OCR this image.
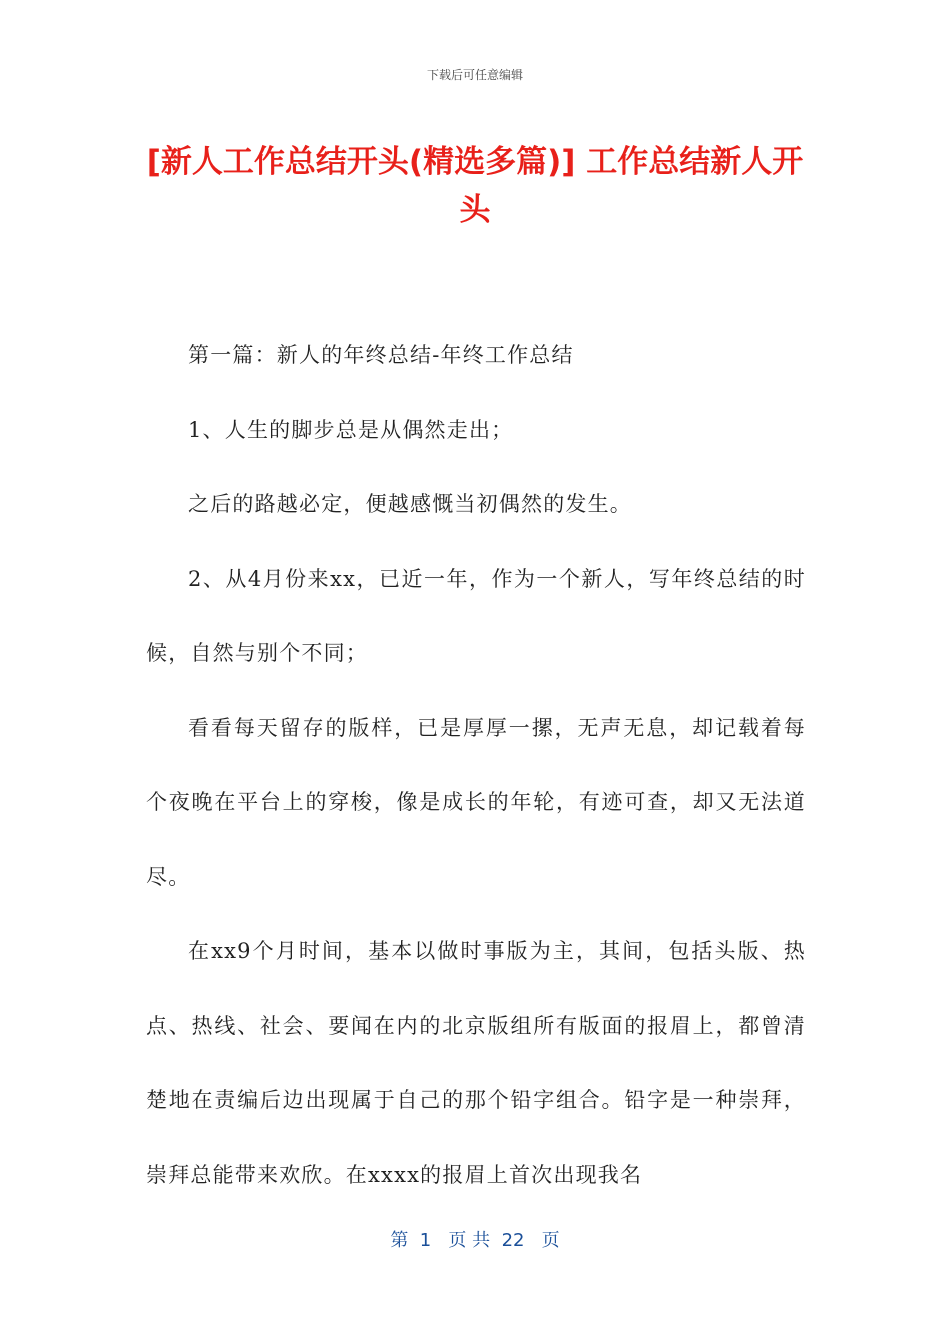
下载后可任意编辑
[新人工作总结开头(精选多篇)] 工作总结新人开头

第一篇：新人的年终总结-年终工作总结

1、人生的脚步总是从偶然走出；

之后的路越必定，便越感慨当初偶然的发生。

2、从4月份来xx，已近一年，作为一个新人，写年终总结的时候，自然与别个不同；

看看每天留存的版样，已是厚厚一摞，无声无息，却记载着每个夜晚在平台上的穿梭，像是成长的年轮，有迹可查，却又无法道尽。

在xx9个月时间，基本以做时事版为主，其间，包括头版、热点、热线、社会、要闻在内的北京版组所有版面的报眉上，都曾清楚地在责编后边出现属于自己的那个铅字组合。铅字是一种崇拜，崇拜总能带来欢欣。在xxxx的报眉上首次出现我名

第  1   页 共  22   页
